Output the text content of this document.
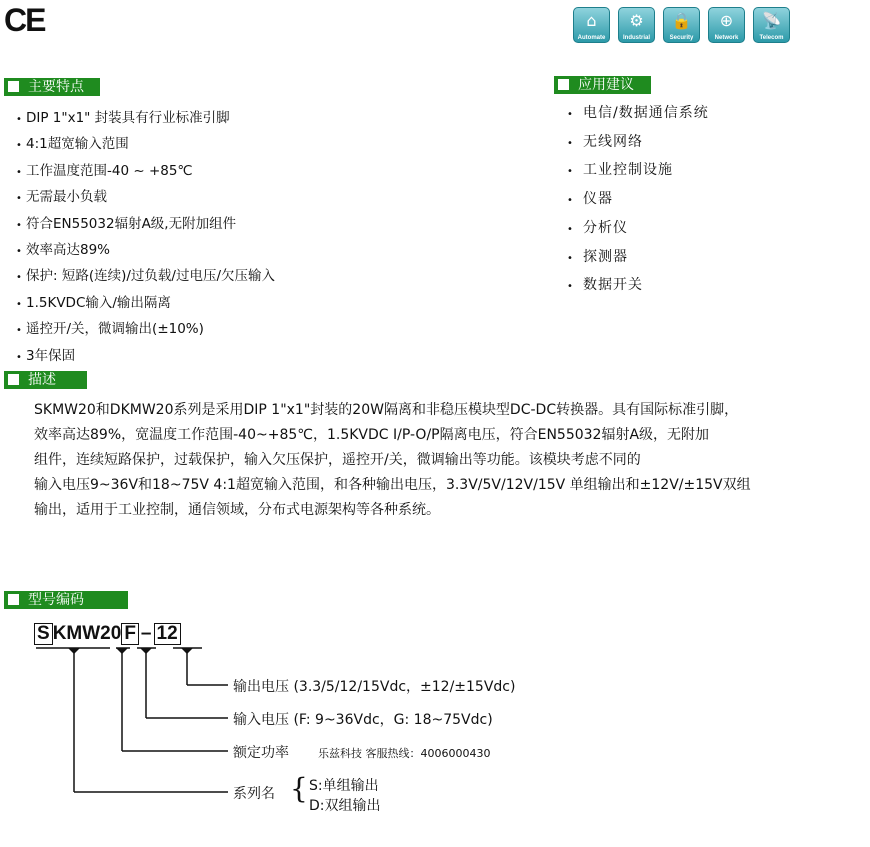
CE	⌂
Automate
⚙
Industrial
🔒
Security
⊕
Network
📡
Telecom
主要特点
• DIP 1"x1" 封装具有行业标准引脚
• 4:1超宽输入范围
• 工作温度范围-40 ~ +85℃
• 无需最小负载
• 符合EN55032辐射A级,无附加组件
• 效率高达89%
• 保护: 短路(连续)/过负载/过电压/欠压输入
• 1.5KVDC输入/输出隔离
• 遥控开/关，微调输出(±10%)
• 3年保固
应用建议
• 电信/数据通信系统
• 无线网络
• 工业控制设施
• 仪器
• 分析仪
• 探测器
• 数据开关
描述
SKMW20和DKMW20系列是采用DIP 1"x1"封装的20W隔离和非稳压模块型DC-DC转换器。具有国际标准引脚，
效率高达89%，宽温度工作范围-40~+85℃，1.5KVDC I/P-O/P隔离电压，符合EN55032辐射A级，无附加
组件，连续短路保护，过载保护，输入欠压保护，遥控开/关，微调输出等功能。该模块考虑不同的
输入电压9~36V和18~75V 4:1超宽输入范围，和各种输出电压，3.3V/5V/12V/15V 单组输出和±12V/±15V双组
输出，适用于工业控制，通信领域，分布式电源架构等各种系统。
型号编码
S KMW20 F – 12
输出电压 (3.3/5/12/15Vdc，±12/±15Vdc)
输入电压 (F: 9~36Vdc，G: 18~75Vdc)
额定功率	乐兹科技 客服热线：4006000430
系列名 { S:单组输出
D:双组输出
